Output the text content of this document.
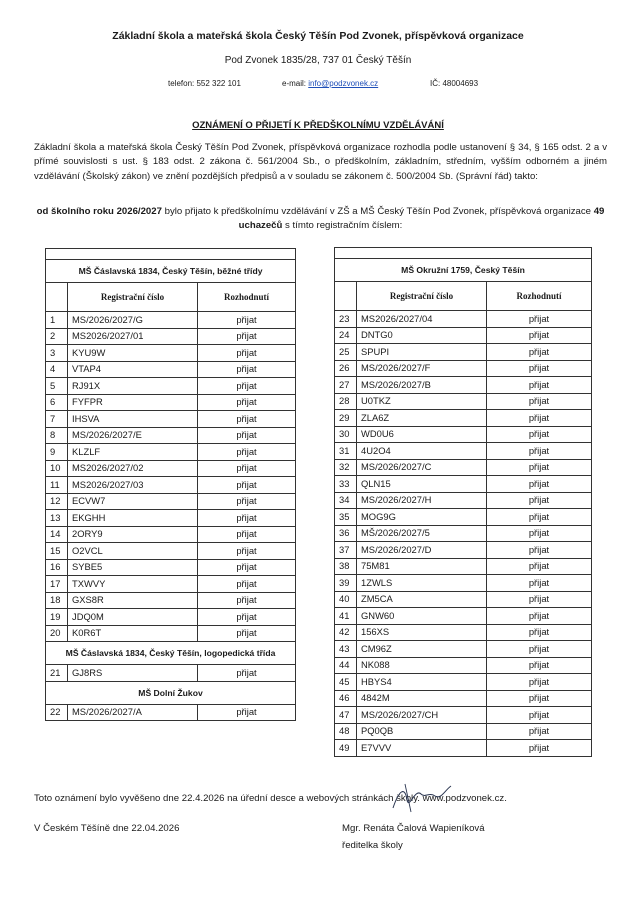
Základní škola a mateřská škola Český Těšín Pod Zvonek, příspěvková organizace
Pod Zvonek 1835/28, 737 01 Český Těšín
telefon: 552 322 101	e-mail: info@podzvonek.cz	IČ: 48004693
OZNÁMENÍ O PŘIJETÍ K PŘEDŠKOLNÍMU VZDĚLÁVÁNÍ
Základní škola a mateřská škola Český Těšín Pod Zvonek, příspěvková organizace rozhodla podle ustanovení § 34, § 165 odst. 2 a v přímé souvislosti s ust. § 183 odst. 2 zákona č. 561/2004 Sb., o předškolním, základním, středním, vyšším odborném a jiném vzdělávání (Školský zákon) ve znění pozdějších předpisů a v souladu se zákonem č. 500/2004 Sb. (Správní řád) takto:
od školního roku 2026/2027 bylo přijato k předškolnímu vzdělávání v ZŠ a MŠ Český Těšín Pod Zvonek, příspěvková organizace 49 uchazečů s tímto registračním číslem:

MŠ Čáslavská 1834, Český Těšín, běžné třídy		
	Registrační číslo	Rozhodnutí
1	MS/2026/2027/G	přijat
2	MS2026/2027/01	přijat
3	KYU9W	přijat
4	VTAP4	přijat
5	RJ91X	přijat
6	FYFPR	přijat
7	IHSVA	přijat
8	MS/2026/2027/E	přijat
9	KLZLF	přijat
10	MS2026/2027/02	přijat
11	MS2026/2027/03	přijat
12	ECVW7	přijat
13	EKGHH	přijat
14	2ORY9	přijat
15	O2VCL	přijat
16	SYBE5	přijat
17	TXWVY	přijat
18	GXS8R	přijat
19	JDQ0M	přijat
20	K0R6T	přijat
MŠ Čáslavská 1834, Český Těšín, logopedická třída		
21	GJ8RS	přijat
MŠ Dolní Žukov		
22	MS/2026/2027/A	přijat

MŠ Okružní 1759, Český Těšín		
	Registrační číslo	Rozhodnutí
23	MS2026/2027/04	přijat
24	DNTG0	přijat
25	SPUPI	přijat
26	MS/2026/2027/F	přijat
27	MS/2026/2027/B	přijat
28	U0TKZ	přijat
29	ZLA6Z	přijat
30	WD0U6	přijat
31	4U2O4	přijat
32	MS/2026/2027/C	přijat
33	QLN15	přijat
34	MS/2026/2027/H	přijat
35	MOG9G	přijat
36	MŠ/2026/2027/5	přijat
37	MS/2026/2027/D	přijat
38	75M81	přijat
39	1ZWLS	přijat
40	ZM5CA	přijat
41	GNW60	přijat
42	156XS	přijat
43	CM96Z	přijat
44	NK088	přijat
45	HBYS4	přijat
46	4842M	přijat
47	MS/2026/2027/CH	přijat
48	PQ0QB	přijat
49	E7VVV	přijat
Toto oznámení bylo vyvěšeno dne 22.4.2026 na úřední desce a webových stránkách školy. www.podzvonek.cz.
V Českém Těšíně dne 22.04.2026	Mgr. Renáta Čalová Wapieníková
ředitelka školy
